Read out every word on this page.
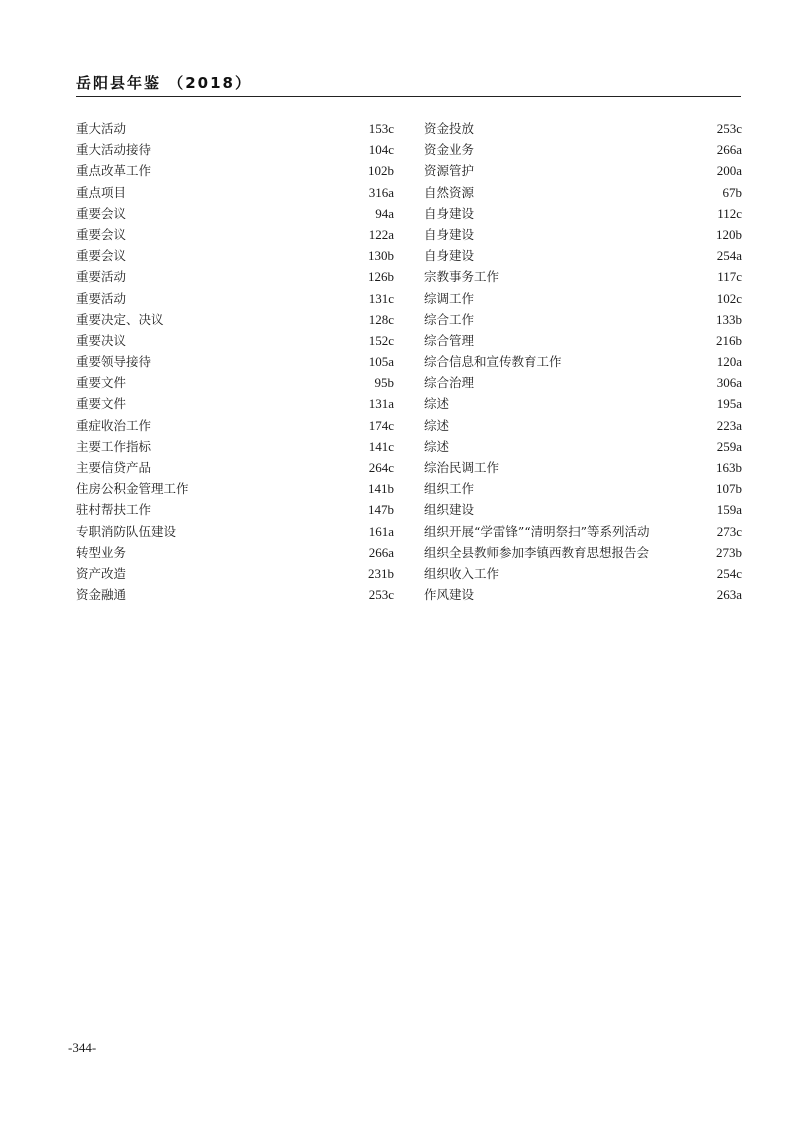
岳阳县年鉴 （2018）
重大活动	153c
重大活动接待	104c
重点改革工作	102b
重点项目	316a
重要会议	94a
重要会议	122a
重要会议	130b
重要活动	126b
重要活动	131c
重要决定、决议	128c
重要决议	152c
重要领导接待	105a
重要文件	95b
重要文件	131a
重症收治工作	174c
主要工作指标	141c
主要信贷产品	264c
住房公积金管理工作	141b
驻村帮扶工作	147b
专职消防队伍建设	161a
转型业务	266a
资产改造	231b
资金融通	253c
资金投放	253c
资金业务	266a
资源管护	200a
自然资源	67b
自身建设	112c
自身建设	120b
自身建设	254a
宗教事务工作	117c
综调工作	102c
综合工作	133b
综合管理	216b
综合信息和宣传教育工作	120a
综合治理	306a
综述	195a
综述	223a
综述	259a
综治民调工作	163b
组织工作	107b
组织建设	159a
组织开展“学雷锋”“清明祭扫”等系列活动	273c
组织全县教师参加李镇西教育思想报告会	273b
组织收入工作	254c
作风建设	263a
-344-
